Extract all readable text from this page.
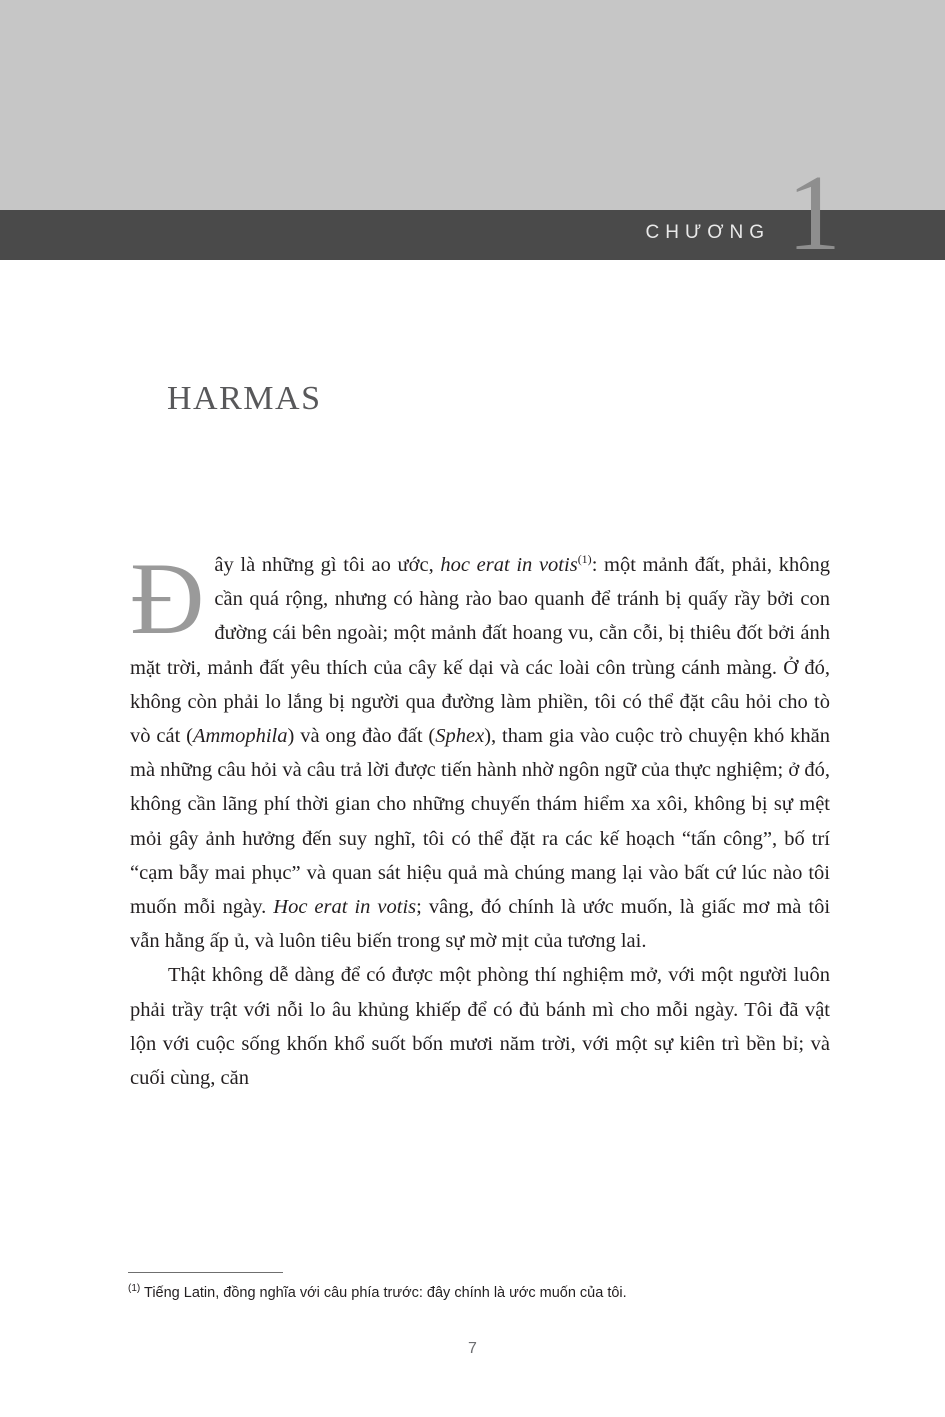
CHƯƠNG 1
HARMAS

Đây là những gì tôi ao ước, hoc erat in votis$^{(1)}$: một mảnh đất, phải, không cần quá rộng, nhưng có hàng rào bao quanh để tránh bị quấy rầy bởi con đường cái bên ngoài; một mảnh đất hoang vu, cằn cỗi, bị thiêu đốt bởi ánh mặt trời, mảnh đất yêu thích của cây kế dại và các loài côn trùng cánh màng. Ở đó, không còn phải lo lắng bị người qua đường làm phiền, tôi có thể đặt câu hỏi cho tò vò cát (Ammophila) và ong đào đất (Sphex), tham gia vào cuộc trò chuyện khó khăn mà những câu hỏi và câu trả lời được tiến hành nhờ ngôn ngữ của thực nghiệm; ở đó, không cần lãng phí thời gian cho những chuyến thám hiểm xa xôi, không bị sự mệt mỏi gây ảnh hưởng đến suy nghĩ, tôi có thể đặt ra các kế hoạch “tấn công”, bố trí “cạm bẫy mai phục” và quan sát hiệu quả mà chúng mang lại vào bất cứ lúc nào tôi muốn mỗi ngày. Hoc erat in votis; vâng, đó chính là ước muốn, là giấc mơ mà tôi vẫn hằng ấp ủ, và luôn tiêu biến trong sự mờ mịt của tương lai.

Thật không dễ dàng để có được một phòng thí nghiệm mở, với một người luôn phải trầy trật với nỗi lo âu khủng khiếp để có đủ bánh mì cho mỗi ngày. Tôi đã vật lộn với cuộc sống khốn khổ suốt bốn mươi năm trời, với một sự kiên trì bền bỉ; và cuối cùng, căn

$^{(1)}$ Tiếng Latin, đồng nghĩa với câu phía trước: đây chính là ước muốn của tôi.
7
